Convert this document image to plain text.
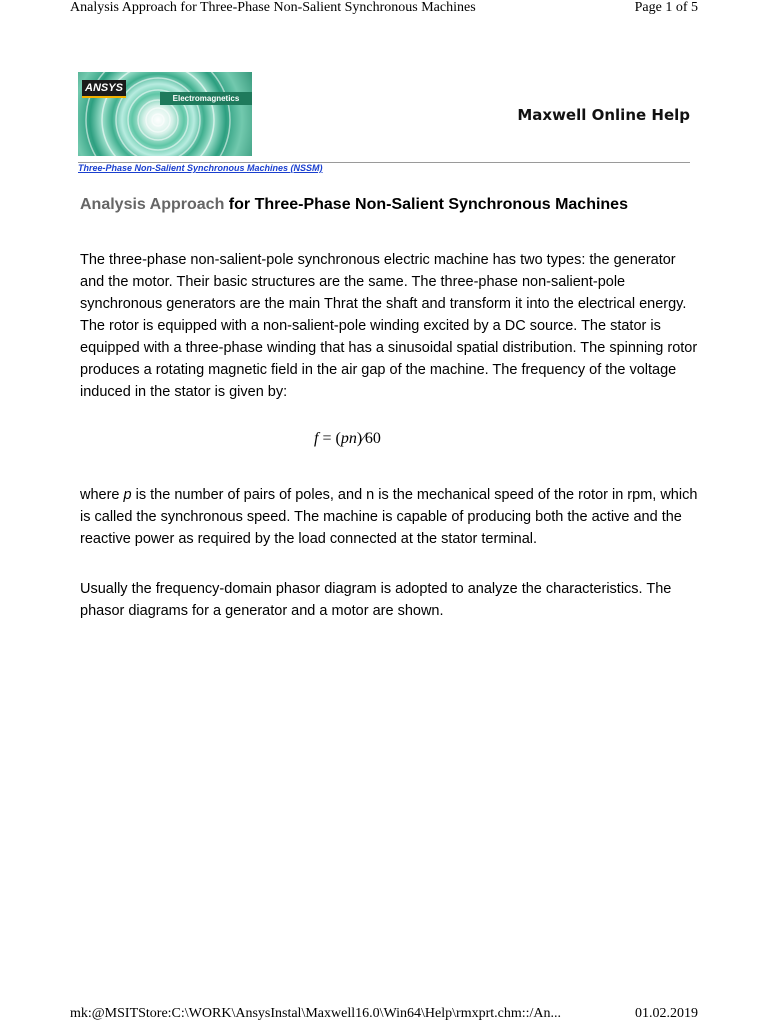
Analysis Approach for Three-Phase Non-Salient Synchronous Machines	Page 1 of 5
ANSYS
Electromagnetics
Maxwell Online Help
Three-Phase Non-Salient Synchronous Machines (NSSM)
Analysis Approach for Three-Phase Non-Salient Synchronous Machines
The three-phase non-salient-pole synchronous electric machine has two types: the generator and the motor. Their basic structures are the same. The three-phase non-salient-pole synchronous generators are the main Thrat the shaft and transform it into the electrical energy. The rotor is equipped with a non-salient-pole winding excited by a DC source. The stator is equipped with a three-phase winding that has a sinusoidal spatial distribution. The spinning rotor produces a rotating magnetic field in the air gap of the machine. The frequency of the voltage induced in the stator is given by:
f = (pn)⁄60
where p is the number of pairs of poles, and n is the mechanical speed of the rotor in rpm, which is called the synchronous speed. The machine is capable of producing both the active and the reactive power as required by the load connected at the stator terminal.
Usually the frequency-domain phasor diagram is adopted to analyze the characteristics. The phasor diagrams for a generator and a motor are shown.
mk:@MSITStore:C:\WORK\AnsysInstal\Maxwell16.0\Win64\Help\rmxprt.chm::/An...	01.02.2019
